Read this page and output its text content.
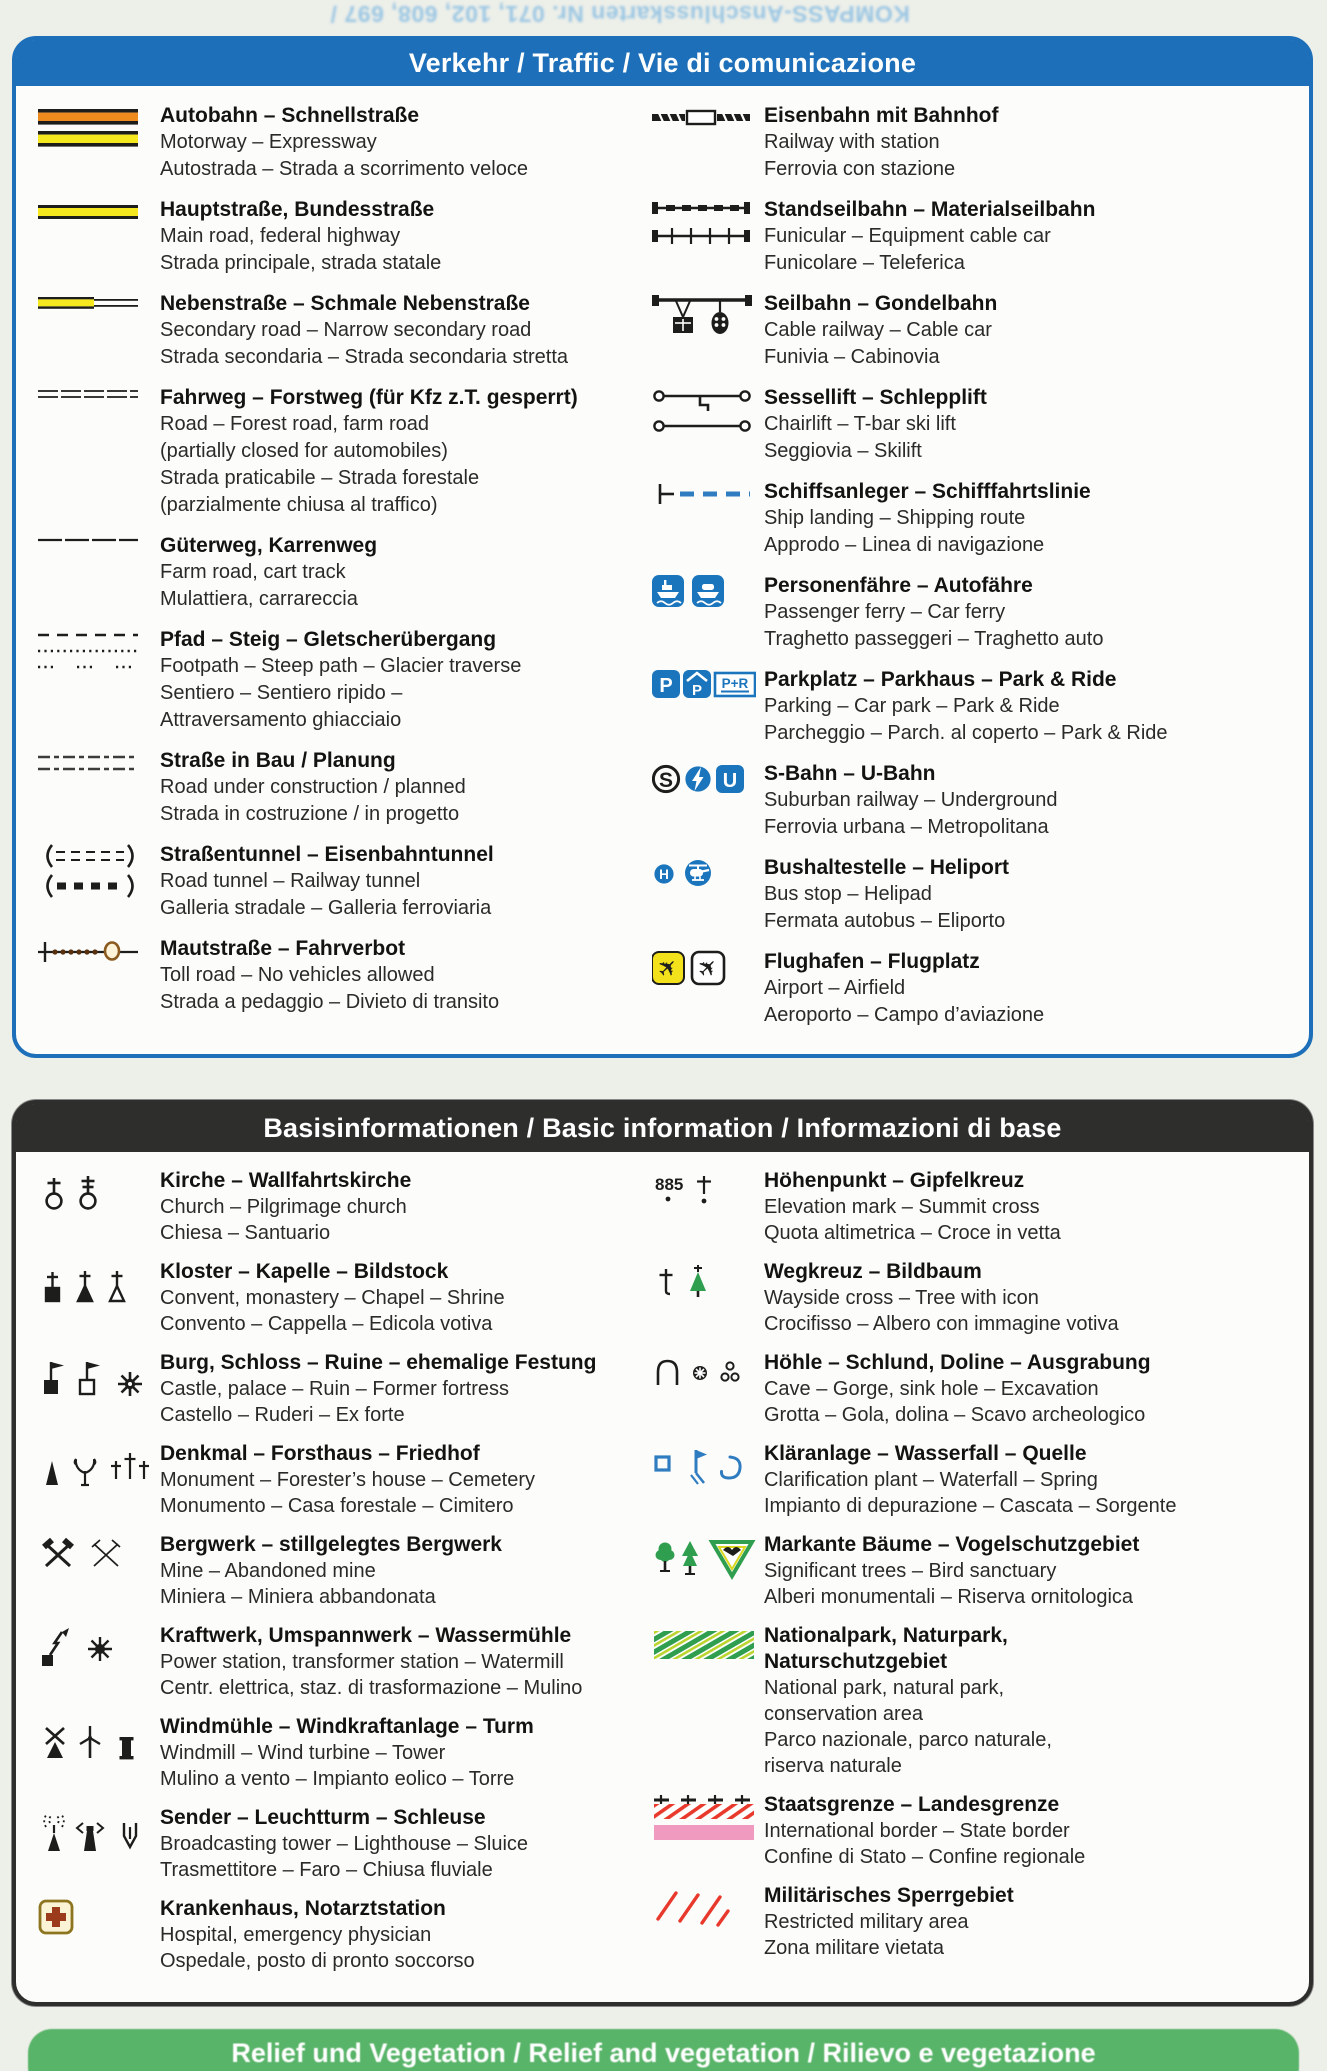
KOMPASS-Anschlusskarten Nr. 071, 102, 608, 697 /
Verkehr / Traffic / Vie di comunicazione
Autobahn – Schnellstraße
Motorway – Expressway
Autostrada – Strada a scorrimento veloce
Hauptstraße, Bundesstraße
Main road, federal highway
Strada principale, strada statale
Nebenstraße – Schmale Nebenstraße
Secondary road – Narrow secondary road
Strada secondaria – Strada secondaria stretta
Fahrweg – Forstweg (für Kfz z.T. gesperrt)
Road – Forest road, farm road
(partially closed for automobiles)
Strada praticabile – Strada forestale
(parzialmente chiusa al traffico)
Güterweg, Karrenweg
Farm road, cart track
Mulattiera, carrareccia
Pfad – Steig – Gletscherübergang
Footpath – Steep path – Glacier traverse
Sentiero – Sentiero ripido –
Attraversamento ghiacciaio
Straße in Bau / Planung
Road under construction / planned
Strada in costruzione / in progetto
Straßentunnel – Eisenbahntunnel
Road tunnel – Railway tunnel
Galleria stradale – Galleria ferroviaria
Mautstraße – Fahrverbot
Toll road – No vehicles allowed
Strada a pedaggio – Divieto di transito
Eisenbahn mit Bahnhof
Railway with station
Ferrovia con stazione
Standseilbahn – Materialseilbahn
Funicular – Equipment cable car
Funicolare – Teleferica
Seilbahn – Gondelbahn
Cable railway – Cable car
Funivia – Cabinovia
Sessellift – Schlepplift
Chairlift – T-bar ski lift
Seggiovia – Skilift
Schiffsanleger – Schifffahrtslinie
Ship landing – Shipping route
Approdo – Linea di navigazione
Personenfähre – Autofähre
Passenger ferry – Car ferry
Traghetto passeggeri – Traghetto auto
P P P+R Parkplatz – Parkhaus – Park & Ride
Parking – Car park – Park & Ride
Parcheggio – Parch. al coperto – Park & Ride
S U S-Bahn – U-Bahn
Suburban railway – Underground
Ferrovia urbana – Metropolitana
H	Bushaltestelle – Heliport
Bus stop – Helipad
Fermata autobus – Eliporto
✈ ✈ Flughafen – Flugplatz
Airport – Airfield
Aeroporto – Campo d’aviazione
Basisinformationen / Basic information / Informazioni di base
Kirche – Wallfahrtskirche
Church – Pilgrimage church
Chiesa – Santuario
Kloster – Kapelle – Bildstock
Convent, monastery – Chapel – Shrine
Convento – Cappella – Edicola votiva
Burg, Schloss – Ruine – ehemalige Festung
Castle, palace – Ruin – Former fortress
Castello – Ruderi – Ex forte
Denkmal – Forsthaus – Friedhof
Monument – Forester’s house – Cemetery
Monumento – Casa forestale – Cimitero
Bergwerk – stillgelegtes Bergwerk
Mine – Abandoned mine
Miniera – Miniera abbandonata
Kraftwerk, Umspannwerk – Wassermühle
Power station, transformer station – Watermill
Centr. elettrica, staz. di trasformazione – Mulino
Windmühle – Windkraftanlage – Turm
Windmill – Wind turbine – Tower
Mulino a vento – Impianto eolico – Torre
Sender – Leuchtturm – Schleuse
Broadcasting tower – Lighthouse – Sluice
Trasmettitore – Faro – Chiusa fluviale
Krankenhaus, Notarztstation
Hospital, emergency physician
Ospedale, posto di pronto soccorso
885	Höhenpunkt – Gipfelkreuz
Elevation mark – Summit cross
Quota altimetrica – Croce in vetta
Wegkreuz – Bildbaum
Wayside cross – Tree with icon
Crocifisso – Albero con immagine votiva
Höhle – Schlund, Doline – Ausgrabung
Cave – Gorge, sink hole – Excavation
Grotta – Gola, dolina – Scavo archeologico
Kläranlage – Wasserfall – Quelle
Clarification plant – Waterfall – Spring
Impianto di depurazione – Cascata – Sorgente
Markante Bäume – Vogelschutzgebiet
Significant trees – Bird sanctuary
Alberi monumentali – Riserva ornitologica
Nationalpark, Naturpark,
Naturschutzgebiet
National park, natural park,
conservation area
Parco nazionale, parco naturale,
riserva naturale
Staatsgrenze – Landesgrenze
International border – State border
Confine di Stato – Confine regionale
Militärisches Sperrgebiet
Restricted military area
Zona militare vietata
Relief und Vegetation / Relief and vegetation / Rilievo e vegetazione
